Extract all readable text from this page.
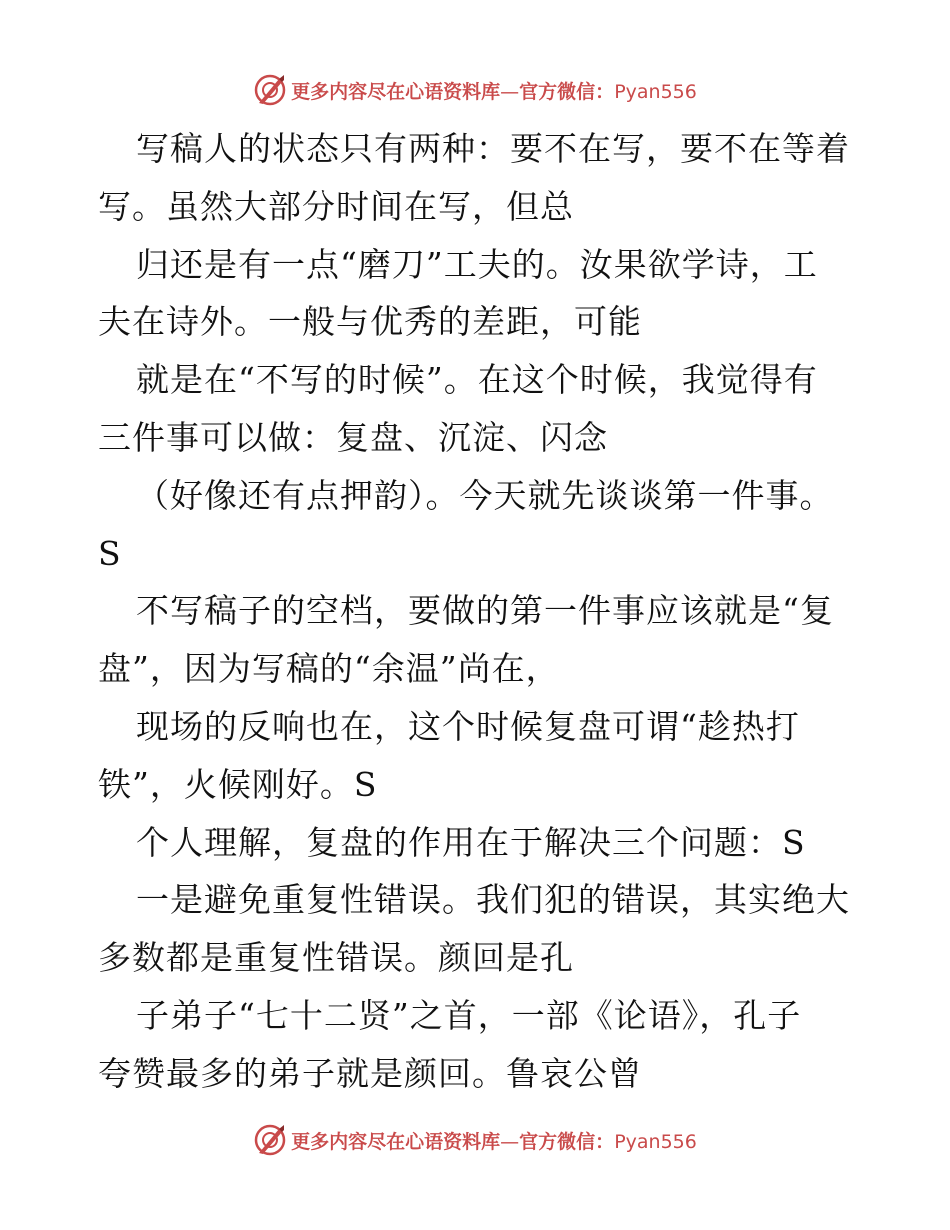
更多内容尽在心语资料库—官方微信：Pyan556
写稿人的状态只有两种：要不在写，要不在等着
写。虽然大部分时间在写，但总
归还是有一点“磨刀”工夫的。汝果欲学诗，工
夫在诗外。一般与优秀的差距，可能
就是在“不写的时候”。在这个时候，我觉得有
三件事可以做：复盘、沉淀、闪念
（好像还有点押韵）。今天就先谈谈第一件事。
S
不写稿子的空档，要做的第一件事应该就是“复
盘”，因为写稿的“余温”尚在，
现场的反响也在，这个时候复盘可谓“趁热打
铁”，火候刚好。S
个人理解，复盘的作用在于解决三个问题：S
一是避免重复性错误。我们犯的错误，其实绝大
多数都是重复性错误。颜回是孔
子弟子“七十二贤”之首，一部《论语》，孔子
夸赞最多的弟子就是颜回。鲁哀公曾
更多内容尽在心语资料库—官方微信：Pyan556
